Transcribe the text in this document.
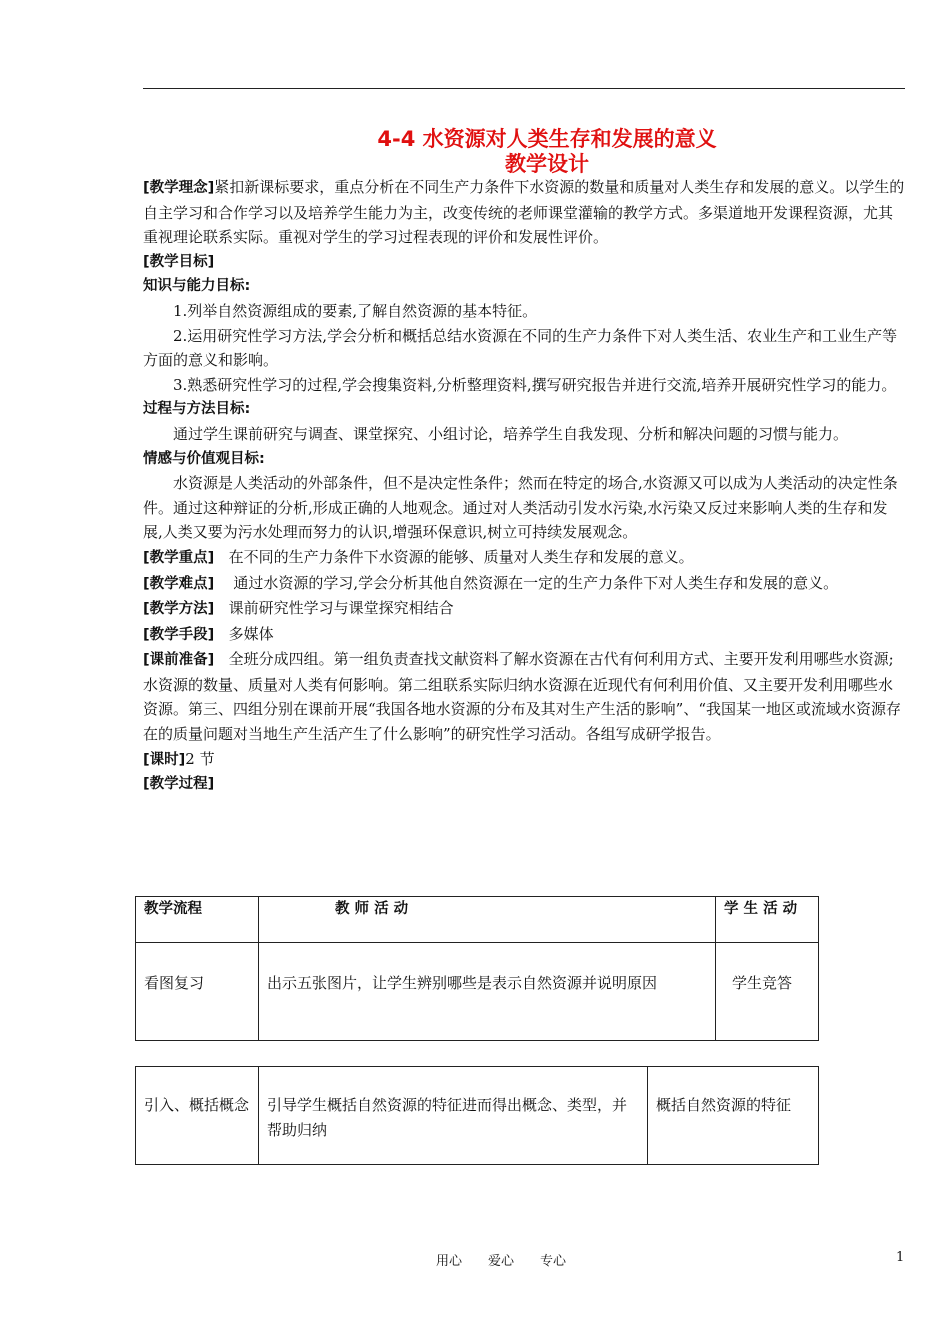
4-4 水资源对人类生存和发展的意义
教学设计

[教学理念]紧扣新课标要求，重点分析在不同生产力条件下水资源的数量和质量对人类生存和发展的意义。以学生的自主学习和合作学习以及培养学生能力为主，改变传统的老师课堂灌输的教学方式。多渠道地开发课程资源，尤其重视理论联系实际。重视对学生的学习过程表现的评价和发展性评价。

[教学目标]

知识与能力目标:

1.列举自然资源组成的要素,了解自然资源的基本特征。

2.运用研究性学习方法,学会分析和概括总结水资源在不同的生产力条件下对人类生活、农业生产和工业生产等方面的意义和影响。

3.熟悉研究性学习的过程,学会搜集资料,分析整理资料,撰写研究报告并进行交流,培养开展研究性学习的能力。

过程与方法目标:

通过学生课前研究与调查、课堂探究、小组讨论，培养学生自我发现、分析和解决问题的习惯与能力。

情感与价值观目标:

水资源是人类活动的外部条件，但不是决定性条件；然而在特定的场合,水资源又可以成为人类活动的决定性条件。通过这种辩证的分析,形成正确的人地观念。通过对人类活动引发水污染,水污染又反过来影响人类的生存和发展,人类又要为污水处理而努力的认识,增强环保意识,树立可持续发展观念。

[教学重点] 在不同的生产力条件下水资源的能够、质量对人类生存和发展的意义。

[教学难点] 通过水资源的学习,学会分析其他自然资源在一定的生产力条件下对人类生存和发展的意义。

[教学方法] 课前研究性学习与课堂探究相结合

[教学手段] 多媒体

[课前准备] 全班分成四组。第一组负责查找文献资料了解水资源在古代有何利用方式、主要开发利用哪些水资源;水资源的数量、质量对人类有何影响。第二组联系实际归纳水资源在近现代有何利用价值、又主要开发利用哪些水资源。第三、四组分别在课前开展“我国各地水资源的分布及其对生产生活的影响”、“我国某一地区或流域水资源存在的质量问题对当地生产生活产生了什么影响”的研究性学习活动。各组写成研学报告。

[课时]2 节

[教学过程]

教学流程	教 师 活 动	学 生 活 动
看图复习	出示五张图片，让学生辨别哪些是表示自然资源并说明原因	学生竞答
引入、概括概念	引导学生概括自然资源的特征进而得出概念、类型，并帮助归纳	概括自然资源的特征
用心 爱心 专心	1
